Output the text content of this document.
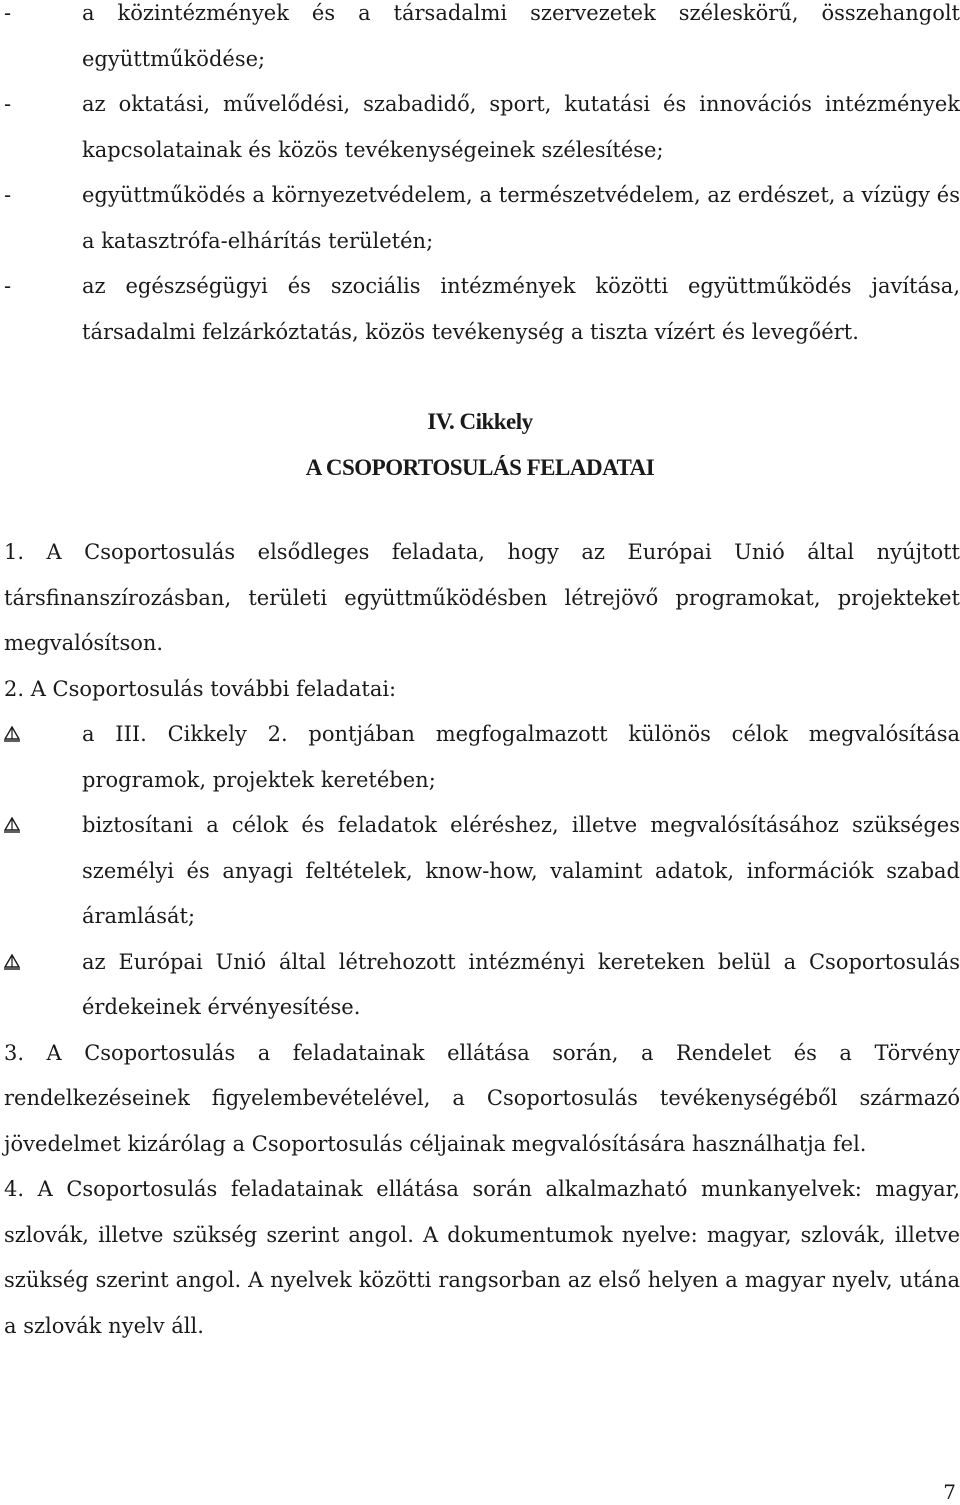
-	a közintézmények és a társadalmi szervezetek széleskörű, összehangolt együttműködése;

-	az oktatási, művelődési, szabadidő, sport, kutatási és innovációs intézmények kapcsolatainak és közös tevékenységeinek szélesítése;

-	együttműködés a környezetvédelem, a természetvédelem, az erdészet, a vízügy és a katasztrófa-elhárítás területén;

-	az egészségügyi és szociális intézmények közötti együttműködés javítása, társadalmi felzárkóztatás, közös tevékenység a tiszta vízért és levegőért.

IV. Cikkely
A CSOPORTOSULÁS FELADATAI

1. A Csoportosulás elsődleges feladata, hogy az Európai Unió által nyújtott társfinanszírozásban, területi együttműködésben létrejövő programokat, projekteket megvalósítson.

2. A Csoportosulás további feladatai:

a III. Cikkely 2. pontjában megfogalmazott különös célok megvalósítása programok, projektek keretében;

biztosítani a célok és feladatok eléréshez, illetve megvalósításához szükséges személyi és anyagi feltételek, know-how, valamint adatok, információk szabad áramlását;

az Európai Unió által létrehozott intézményi kereteken belül a Csoportosulás érdekeinek érvényesítése.

3. A Csoportosulás a feladatainak ellátása során, a Rendelet és a Törvény rendelkezéseinek figyelembevételével, a Csoportosulás tevékenységéből származó jövedelmet kizárólag a Csoportosulás céljainak megvalósítására használhatja fel.

4. A Csoportosulás feladatainak ellátása során alkalmazható munkanyelvek: magyar, szlovák, illetve szükség szerint angol. A dokumentumok nyelve: magyar, szlovák, illetve szükség szerint angol. A nyelvek közötti rangsorban az első helyen a magyar nyelv, utána a szlovák nyelv áll.

7
